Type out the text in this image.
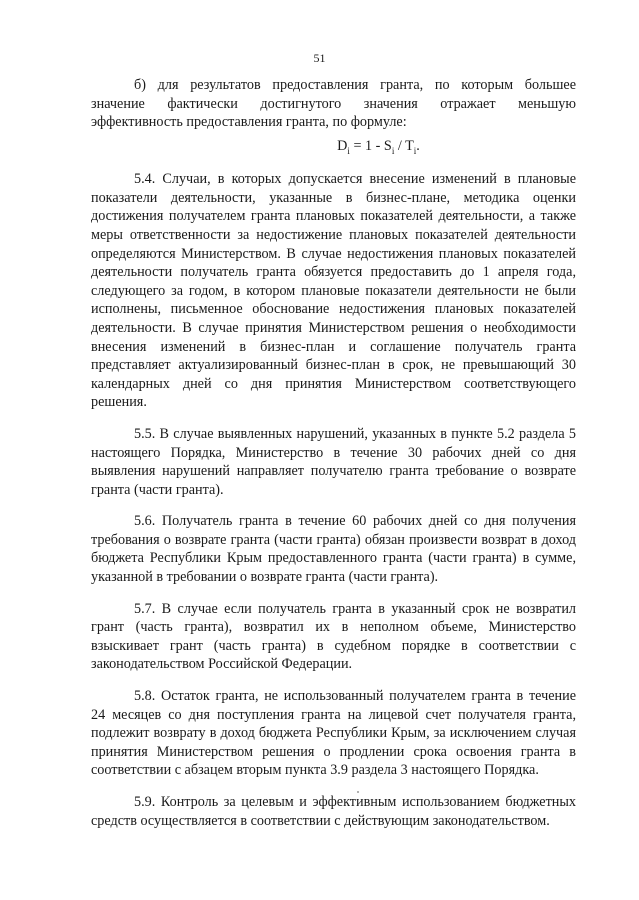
51

б) для результатов предоставления гранта, по которым большее значение фактически достигнутого значения отражает меньшую эффективность предоставления гранта, по формуле:

$D_i = 1 - S_i / T_i$.

5.4. Случаи, в которых допускается внесение изменений в плановые показатели деятельности, указанные в бизнес-плане, методика оценки достижения получателем гранта плановых показателей деятельности, а также меры ответственности за недостижение плановых показателей деятельности определяются Министерством. В случае недостижения плановых показателей деятельности получатель гранта обязуется предоставить до 1 апреля года, следующего за годом, в котором плановые показатели деятельности не были исполнены, письменное обоснование недостижения плановых показателей деятельности. В случае принятия Министерством решения о необходимости внесения изменений в бизнес-план и соглашение получатель гранта представляет актуализированный бизнес-план в срок, не превышающий 30 календарных дней со дня принятия Министерством соответствующего решения.

5.5. В случае выявленных нарушений, указанных в пункте 5.2 раздела 5 настоящего Порядка, Министерство в течение 30 рабочих дней со дня выявления нарушений направляет получателю гранта требование о возврате гранта (части гранта).

5.6. Получатель гранта в течение 60 рабочих дней со дня получения требования о возврате гранта (части гранта) обязан произвести возврат в доход бюджета Республики Крым предоставленного гранта (части гранта) в сумме, указанной в требовании о возврате гранта (части гранта).

5.7. В случае если получатель гранта в указанный срок не возвратил грант (часть гранта), возвратил их в неполном объеме, Министерство взыскивает грант (часть гранта) в судебном порядке в соответствии с законодательством Российской Федерации.

5.8. Остаток гранта, не использованный получателем гранта в течение 24 месяцев со дня поступления гранта на лицевой счет получателя гранта, подлежит возврату в доход бюджета Республики Крым, за исключением случая принятия Министерством решения о продлении срока освоения гранта в соответствии с абзацем вторым пункта 3.9 раздела 3 настоящего Порядка.

5.9. Контроль за целевым и эффективным использованием бюджетных средств осуществляется в соответствии с действующим законодательством.
